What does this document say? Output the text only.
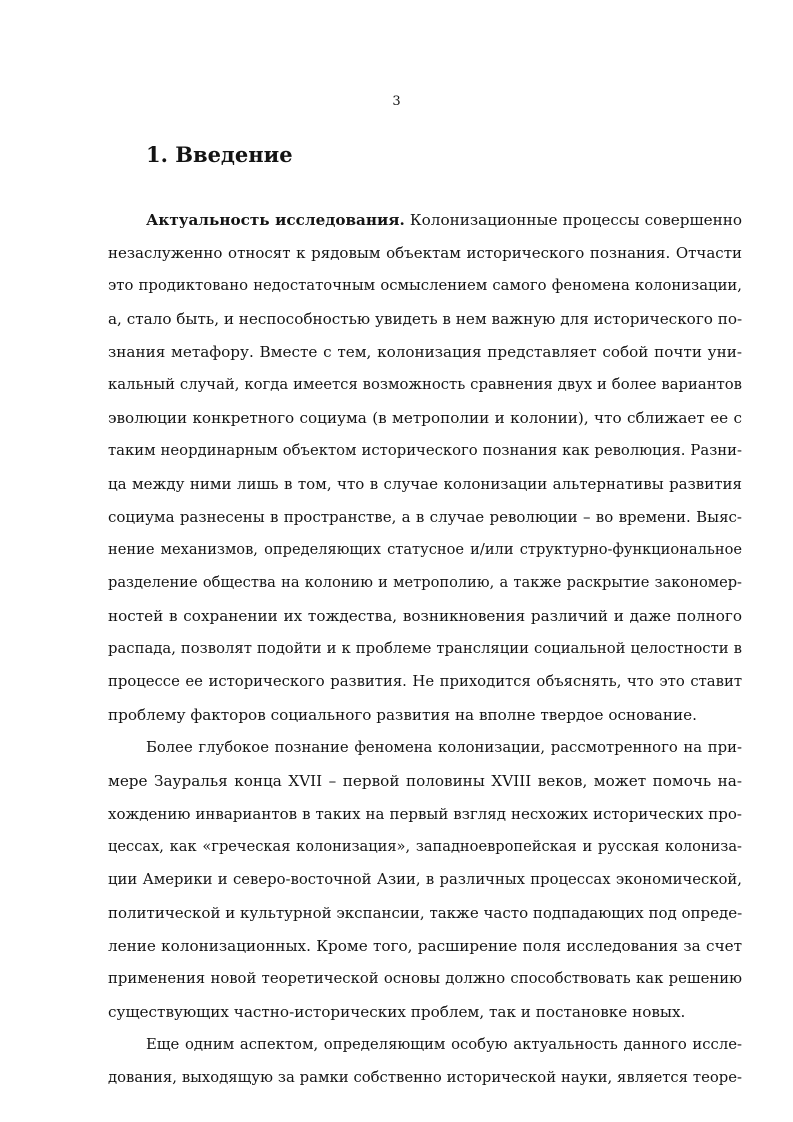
3
1. Введение
Актуальность исследования. Колонизационные процессы совершенно
незаслуженно относят к рядовым объектам исторического познания. Отчасти
это продиктовано недостаточным осмыслением самого феномена колонизации,
а, стало быть, и неспособностью увидеть в нем важную для исторического по-
знания метафору. Вместе с тем, колонизация представляет собой почти уни-
кальный случай, когда имеется возможность сравнения двух и более вариантов
эволюции конкретного социума (в метрополии и колонии), что сближает ее с
таким неординарным объектом исторического познания как революция. Разни-
ца между ними лишь в том, что в случае колонизации альтернативы развития
социума разнесены в пространстве, а в случае революции – во времени. Выяс-
нение механизмов, определяющих статусное и/или структурно-функциональное
разделение общества на колонию и метрополию, а также раскрытие закономер-
ностей в сохранении их тождества, возникновения различий и даже полного
распада, позволят подойти и к проблеме трансляции социальной целостности в
процессе ее исторического развития. Не приходится объяснять, что это ставит
проблему факторов социального развития на вполне твердое основание.
Более глубокое познание феномена колонизации, рассмотренного на при-
мере Зауралья конца XVII – первой половины XVIII веков, может помочь на-
хождению инвариантов в таких на первый взгляд несхожих исторических про-
цессах, как «греческая колонизация», западноевропейская и русская колониза-
ции Америки и северо-восточной Азии, в различных процессах экономической,
политической и культурной экспансии, также часто подпадающих под опреде-
ление колонизационных. Кроме того, расширение поля исследования за счет
применения новой теоретической основы должно способствовать как решению
существующих частно-исторических проблем, так и постановке новых.
Еще одним аспектом, определяющим особую актуальность данного иссле-
дования, выходящую за рамки собственно исторической науки, является теоре-
